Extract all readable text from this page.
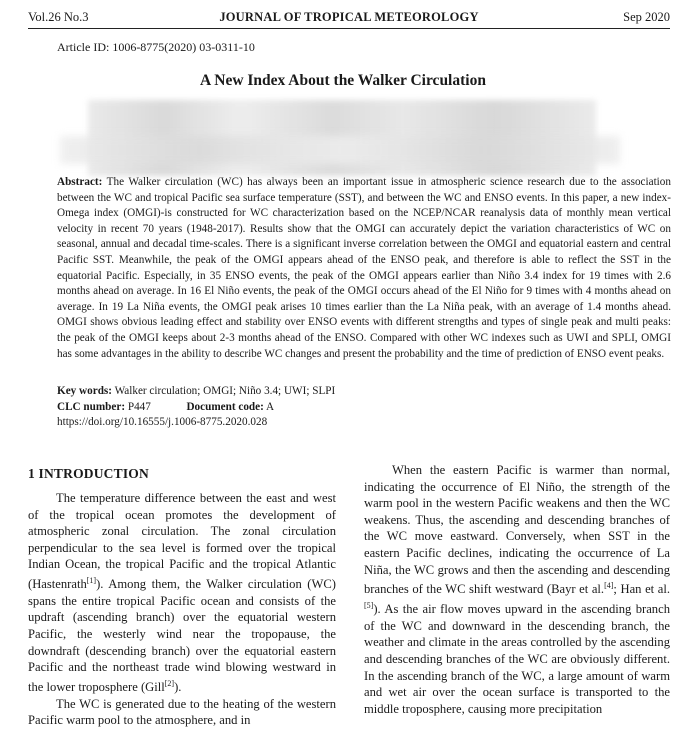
Vol.26 No.3	JOURNAL OF TROPICAL METEOROLOGY	Sep 2020
Article ID: 1006-8775(2020) 03-0311-10
A New Index About the Walker Circulation
Abstract: The Walker circulation (WC) has always been an important issue in atmospheric science research due to the association between the WC and tropical Pacific sea surface temperature (SST), and between the WC and ENSO events. In this paper, a new index-Omega index (OMGI)-is constructed for WC characterization based on the NCEP/NCAR reanalysis data of monthly mean vertical velocity in recent 70 years (1948-2017). Results show that the OMGI can accurately depict the variation characteristics of WC on seasonal, annual and decadal time-scales. There is a significant inverse correlation between the OMGI and equatorial eastern and central Pacific SST. Meanwhile, the peak of the OMGI appears ahead of the ENSO peak, and therefore is able to reflect the SST in the equatorial Pacific. Especially, in 35 ENSO events, the peak of the OMGI appears earlier than Niño 3.4 index for 19 times with 2.6 months ahead on average. In 16 El Niño events, the peak of the OMGI occurs ahead of the El Niño for 9 times with 4 months ahead on average. In 19 La Niña events, the OMGI peak arises 10 times earlier than the La Niña peak, with an average of 1.4 months ahead. OMGI shows obvious leading effect and stability over ENSO events with different strengths and types of single peak and multi peaks: the peak of the OMGI keeps about 2-3 months ahead of the ENSO. Compared with other WC indexes such as UWI and SPLI, OMGI has some advantages in the ability to describe WC changes and present the probability and the time of prediction of ENSO event peaks.
Key words: Walker circulation; OMGI; Niño 3.4; UWI; SLPI
CLC number: P447	Document code: A
https://doi.org/10.16555/j.1006-8775.2020.028
1 INTRODUCTION

The temperature difference between the east and west of the tropical ocean promotes the development of atmospheric zonal circulation. The zonal circulation perpendicular to the sea level is formed over the tropical Indian Ocean, the tropical Pacific and the tropical Atlantic (Hastenrath[1]). Among them, the Walker circulation (WC) spans the entire tropical Pacific ocean and consists of the updraft (ascending branch) over the equatorial western Pacific, the westerly wind near the tropopause, the downdraft (descending branch) over the equatorial eastern Pacific and the northeast trade wind blowing westward in the lower troposphere (Gill[2]).

The WC is generated due to the heating of the western Pacific warm pool to the atmosphere, and in

When the eastern Pacific is warmer than normal, indicating the occurrence of El Niño, the strength of the warm pool in the western Pacific weakens and then the WC weakens. Thus, the ascending and descending branches of the WC move eastward. Conversely, when SST in the eastern Pacific declines, indicating the occurrence of La Niña, the WC grows and then the ascending and descending branches of the WC shift westward (Bayr et al.[4]; Han et al.[5]). As the air flow moves upward in the ascending branch of the WC and downward in the descending branch, the weather and climate in the areas controlled by the ascending and descending branches of the WC are obviously different. In the ascending branch of the WC, a large amount of warm and wet air over the ocean surface is transported to the middle troposphere, causing more precipitation
